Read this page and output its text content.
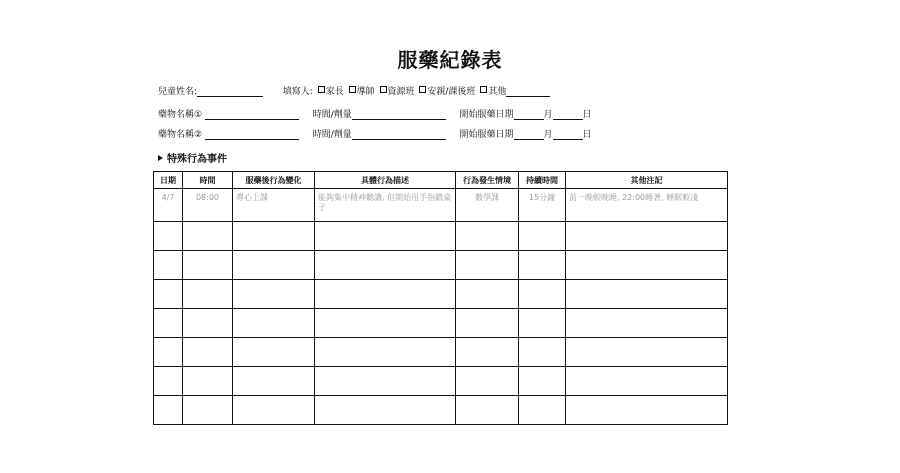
服藥紀錄表
兒童姓名:	填寫人: 家長 導師 資源班 安親/課後班 其他
藥物名稱①	時間/劑量	開始服藥日期	月	日
藥物名稱②	時間/劑量	開始服藥日期	月	日
特殊行為事件
日期	時間	服藥後行為變化	具體行為描述	行為發生情境	持續時間	其他注記
4/7	08:00	專心上課	能夠集中精神聽講, 但開始用手指戳桌子	數學課	15分鐘	前一晚較晚睡, 22:00睡著, 睡眠較淺
